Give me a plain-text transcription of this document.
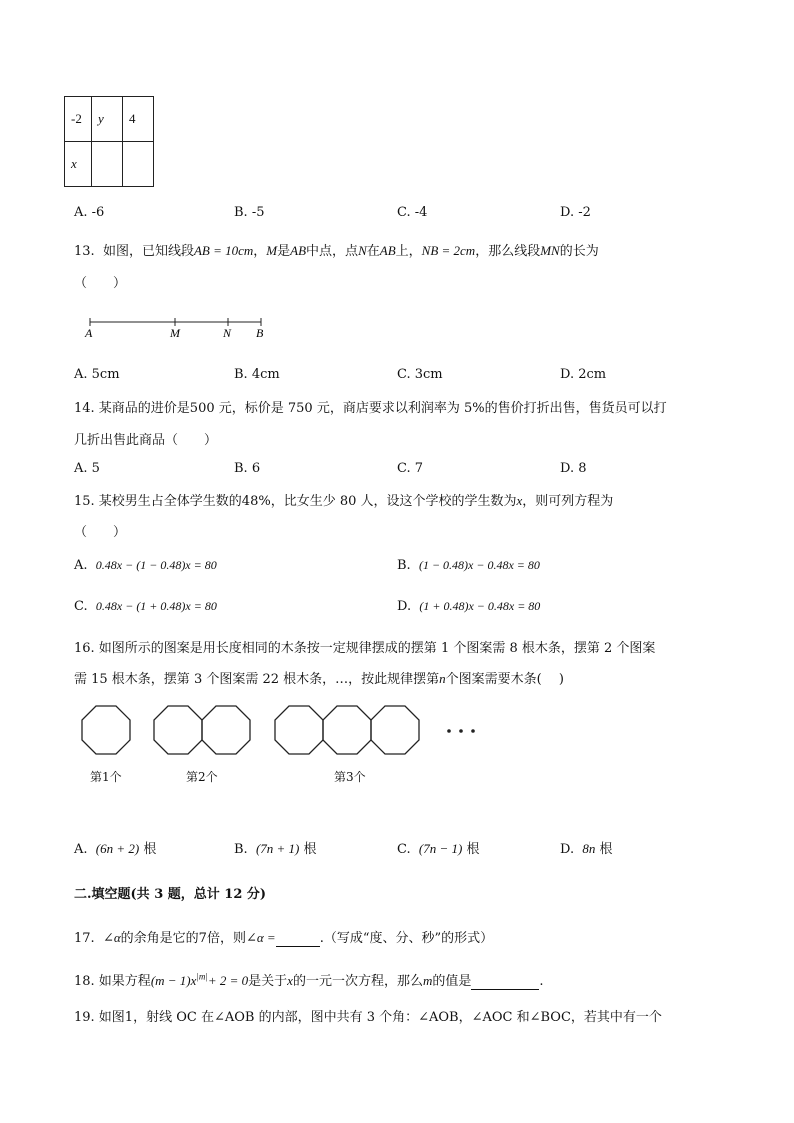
-2	y	4
x		
A. -6	B. -5	C. -4	D. -2
13. 如图，已知线段AB = 10cm，M是AB中点，点N在AB上，NB = 2cm，那么线段MN的长为
（　　）
A	M	N B
A. 5cm	B. 4cm	C. 3cm	D. 2cm
14. 某商品的进价是500 元，标价是 750 元，商店要求以利润率为 5%的售价打折出售，售货员可以打
几折出售此商品（　　）
A. 5	B. 6	C. 7	D. 8
15. 某校男生占全体学生数的48%，比女生少 80 人，设这个学校的学生数为x，则可列方程为
（　　）
A. 0.48x − (1 − 0.48)x = 80	B. (1 − 0.48)x − 0.48x = 80
C. 0.48x − (1 + 0.48)x = 80	D. (1 + 0.48)x − 0.48x = 80
16. 如图所示的图案是用长度相同的木条按一定规律摆成的摆第 1 个图案需 8 根木条，摆第 2 个图案
需 15 根木条，摆第 3 个图案需 22 根木条，…，按此规律摆第n个图案需要木条(　 )
第1个	第2个	第3个
A. (6n + 2) 根	B. (7n + 1) 根	C. (7n − 1) 根	D. 8n 根
二.填空题(共 3 题，总计 12 分)
17. ∠α的余角是它的7倍，则∠α =	.（写成“度、分、秒”的形式）
18. 如果方程$(m - 1)x^{|m|}+ 2 = 0$是关于x的一元一次方程，那么m的值是	.
19. 如图1，射线 OC 在∠AOB 的内部，图中共有 3 个角：∠AOB，∠AOC 和∠BOC，若其中有一个
